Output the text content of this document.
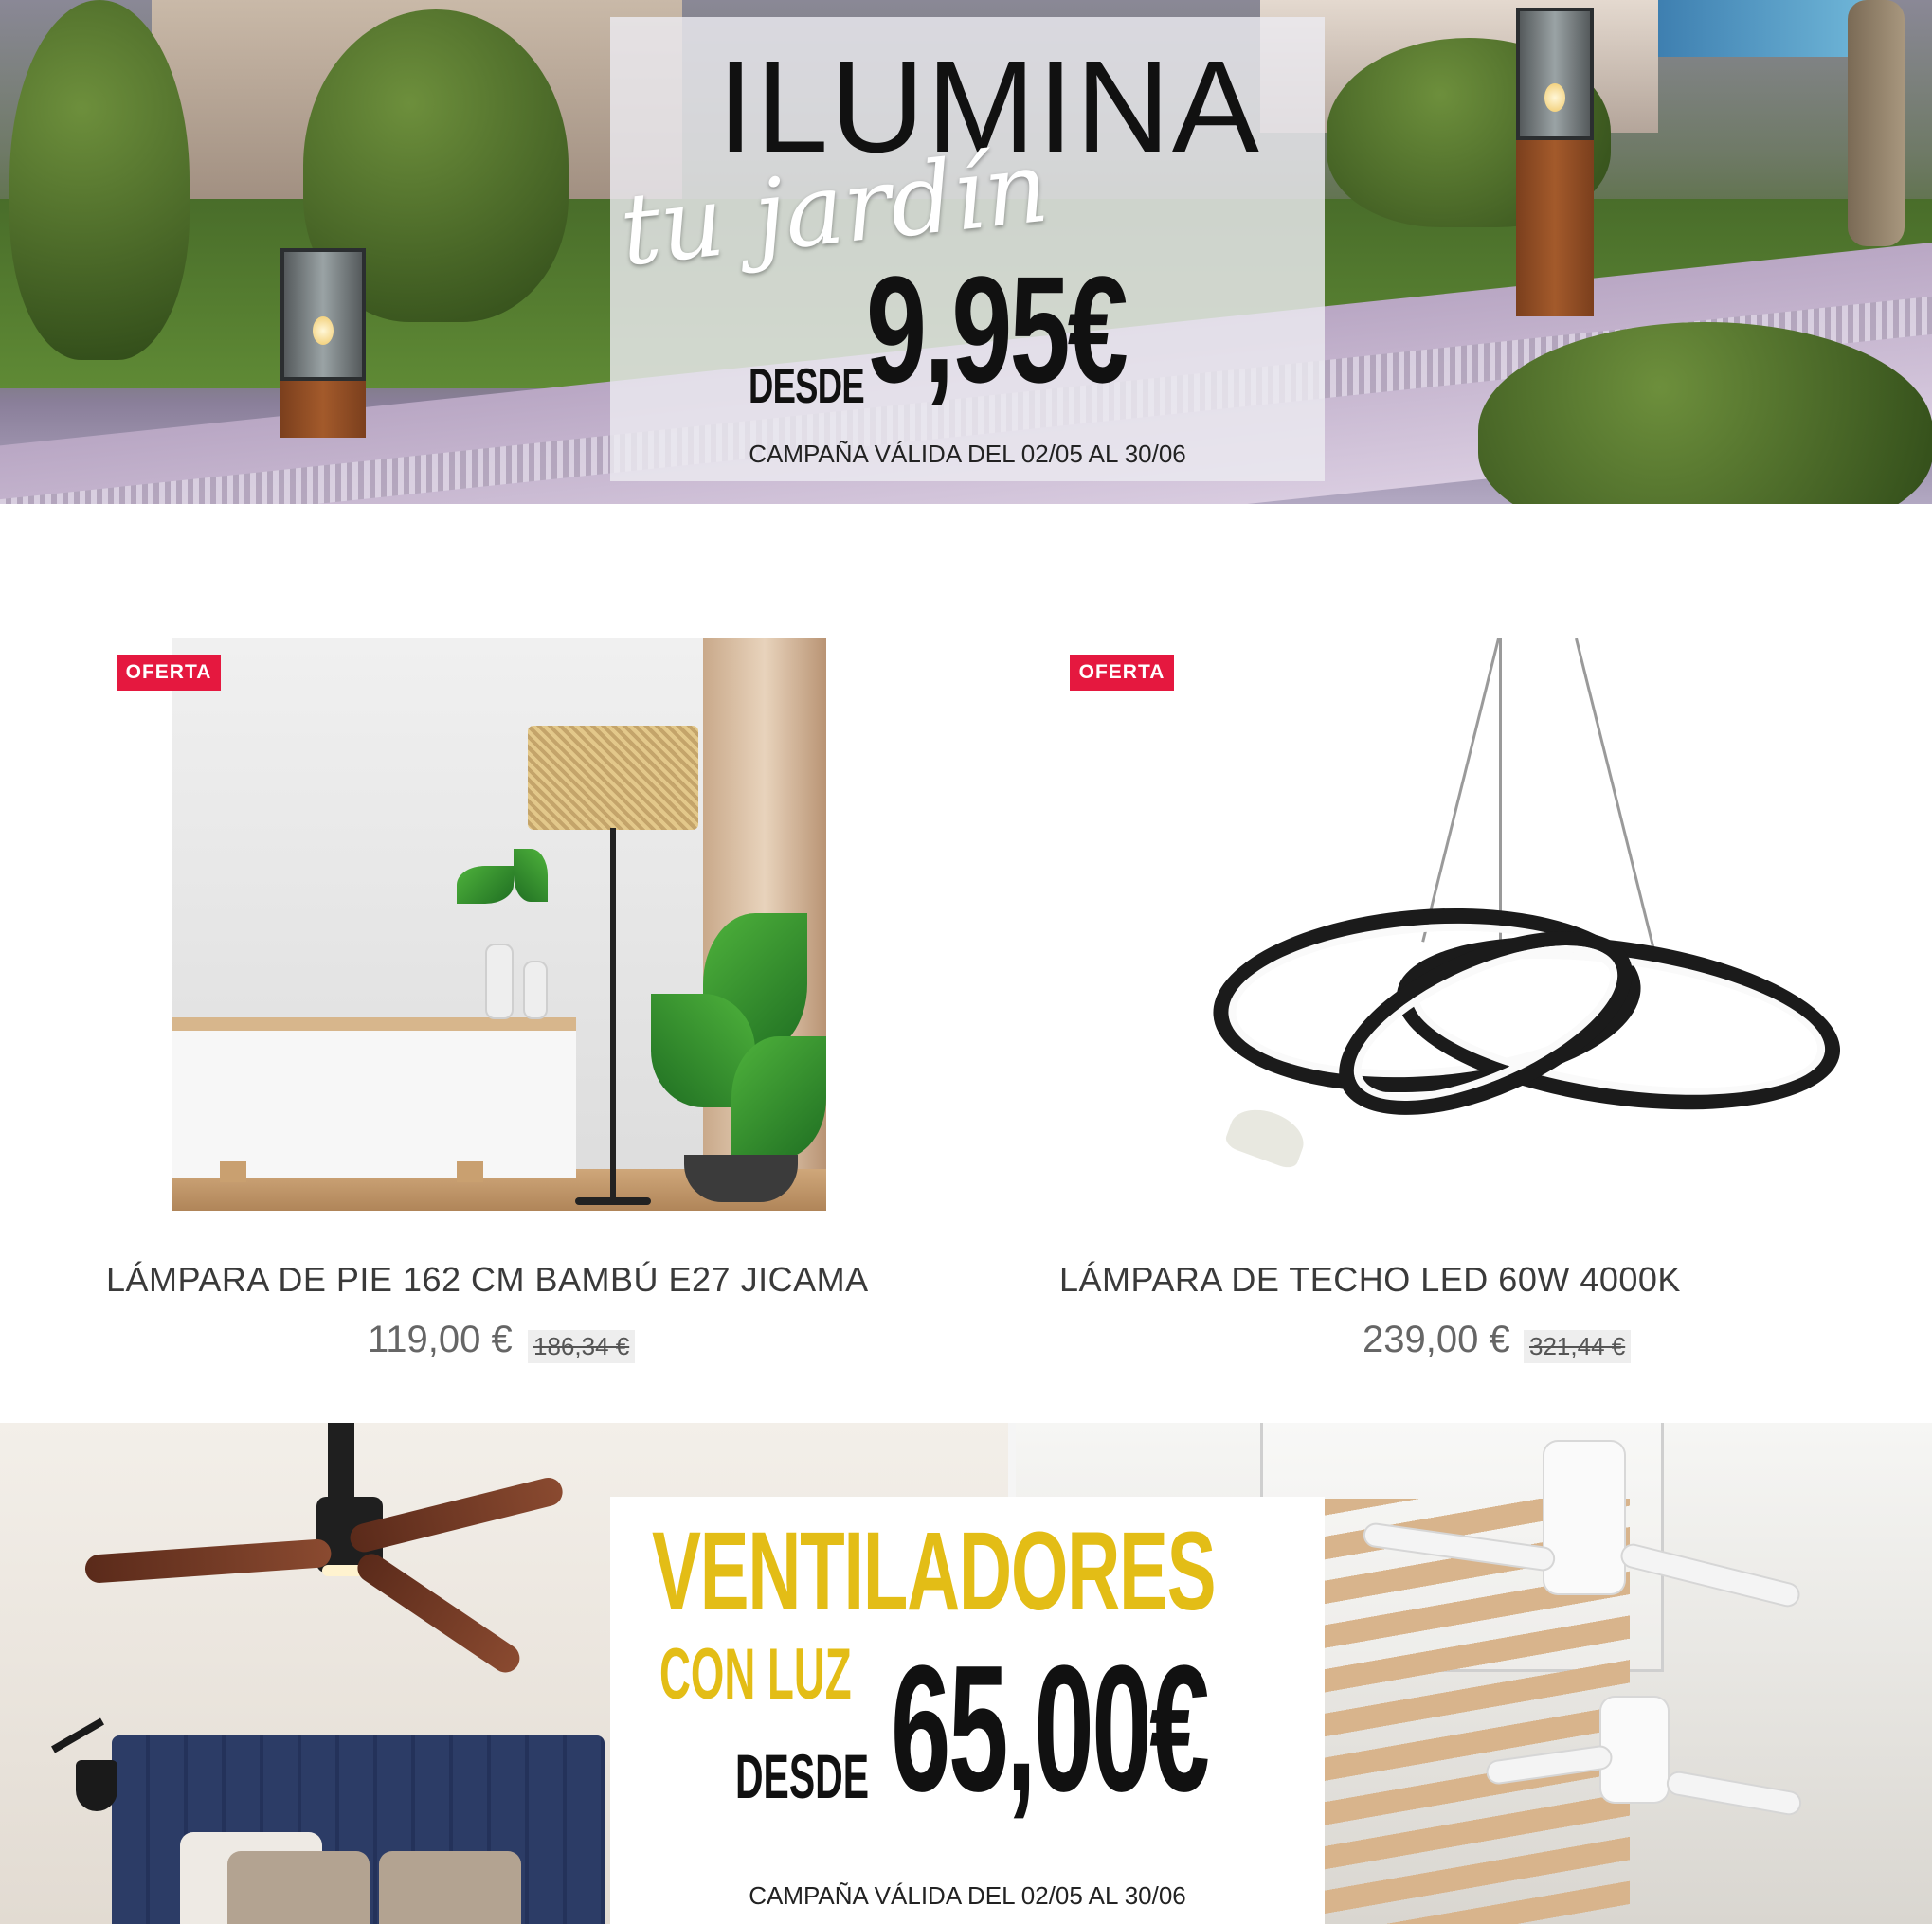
ILUMINA
tu jardín
9,95€
DESDE
CAMPAÑA VÁLIDA DEL 02/05 AL 30/06
OFERTA
LÁMPARA DE PIE 162 CM BAMBÚ E27 JICAMA
119,00 € 186,34 €
OFERTA
LÁMPARA DE TECHO LED 60W 4000K
239,00 € 321,44 €
VENTILADORES
CON LUZ 65,00€
DESDE
CAMPAÑA VÁLIDA DEL 02/05 AL 30/06
